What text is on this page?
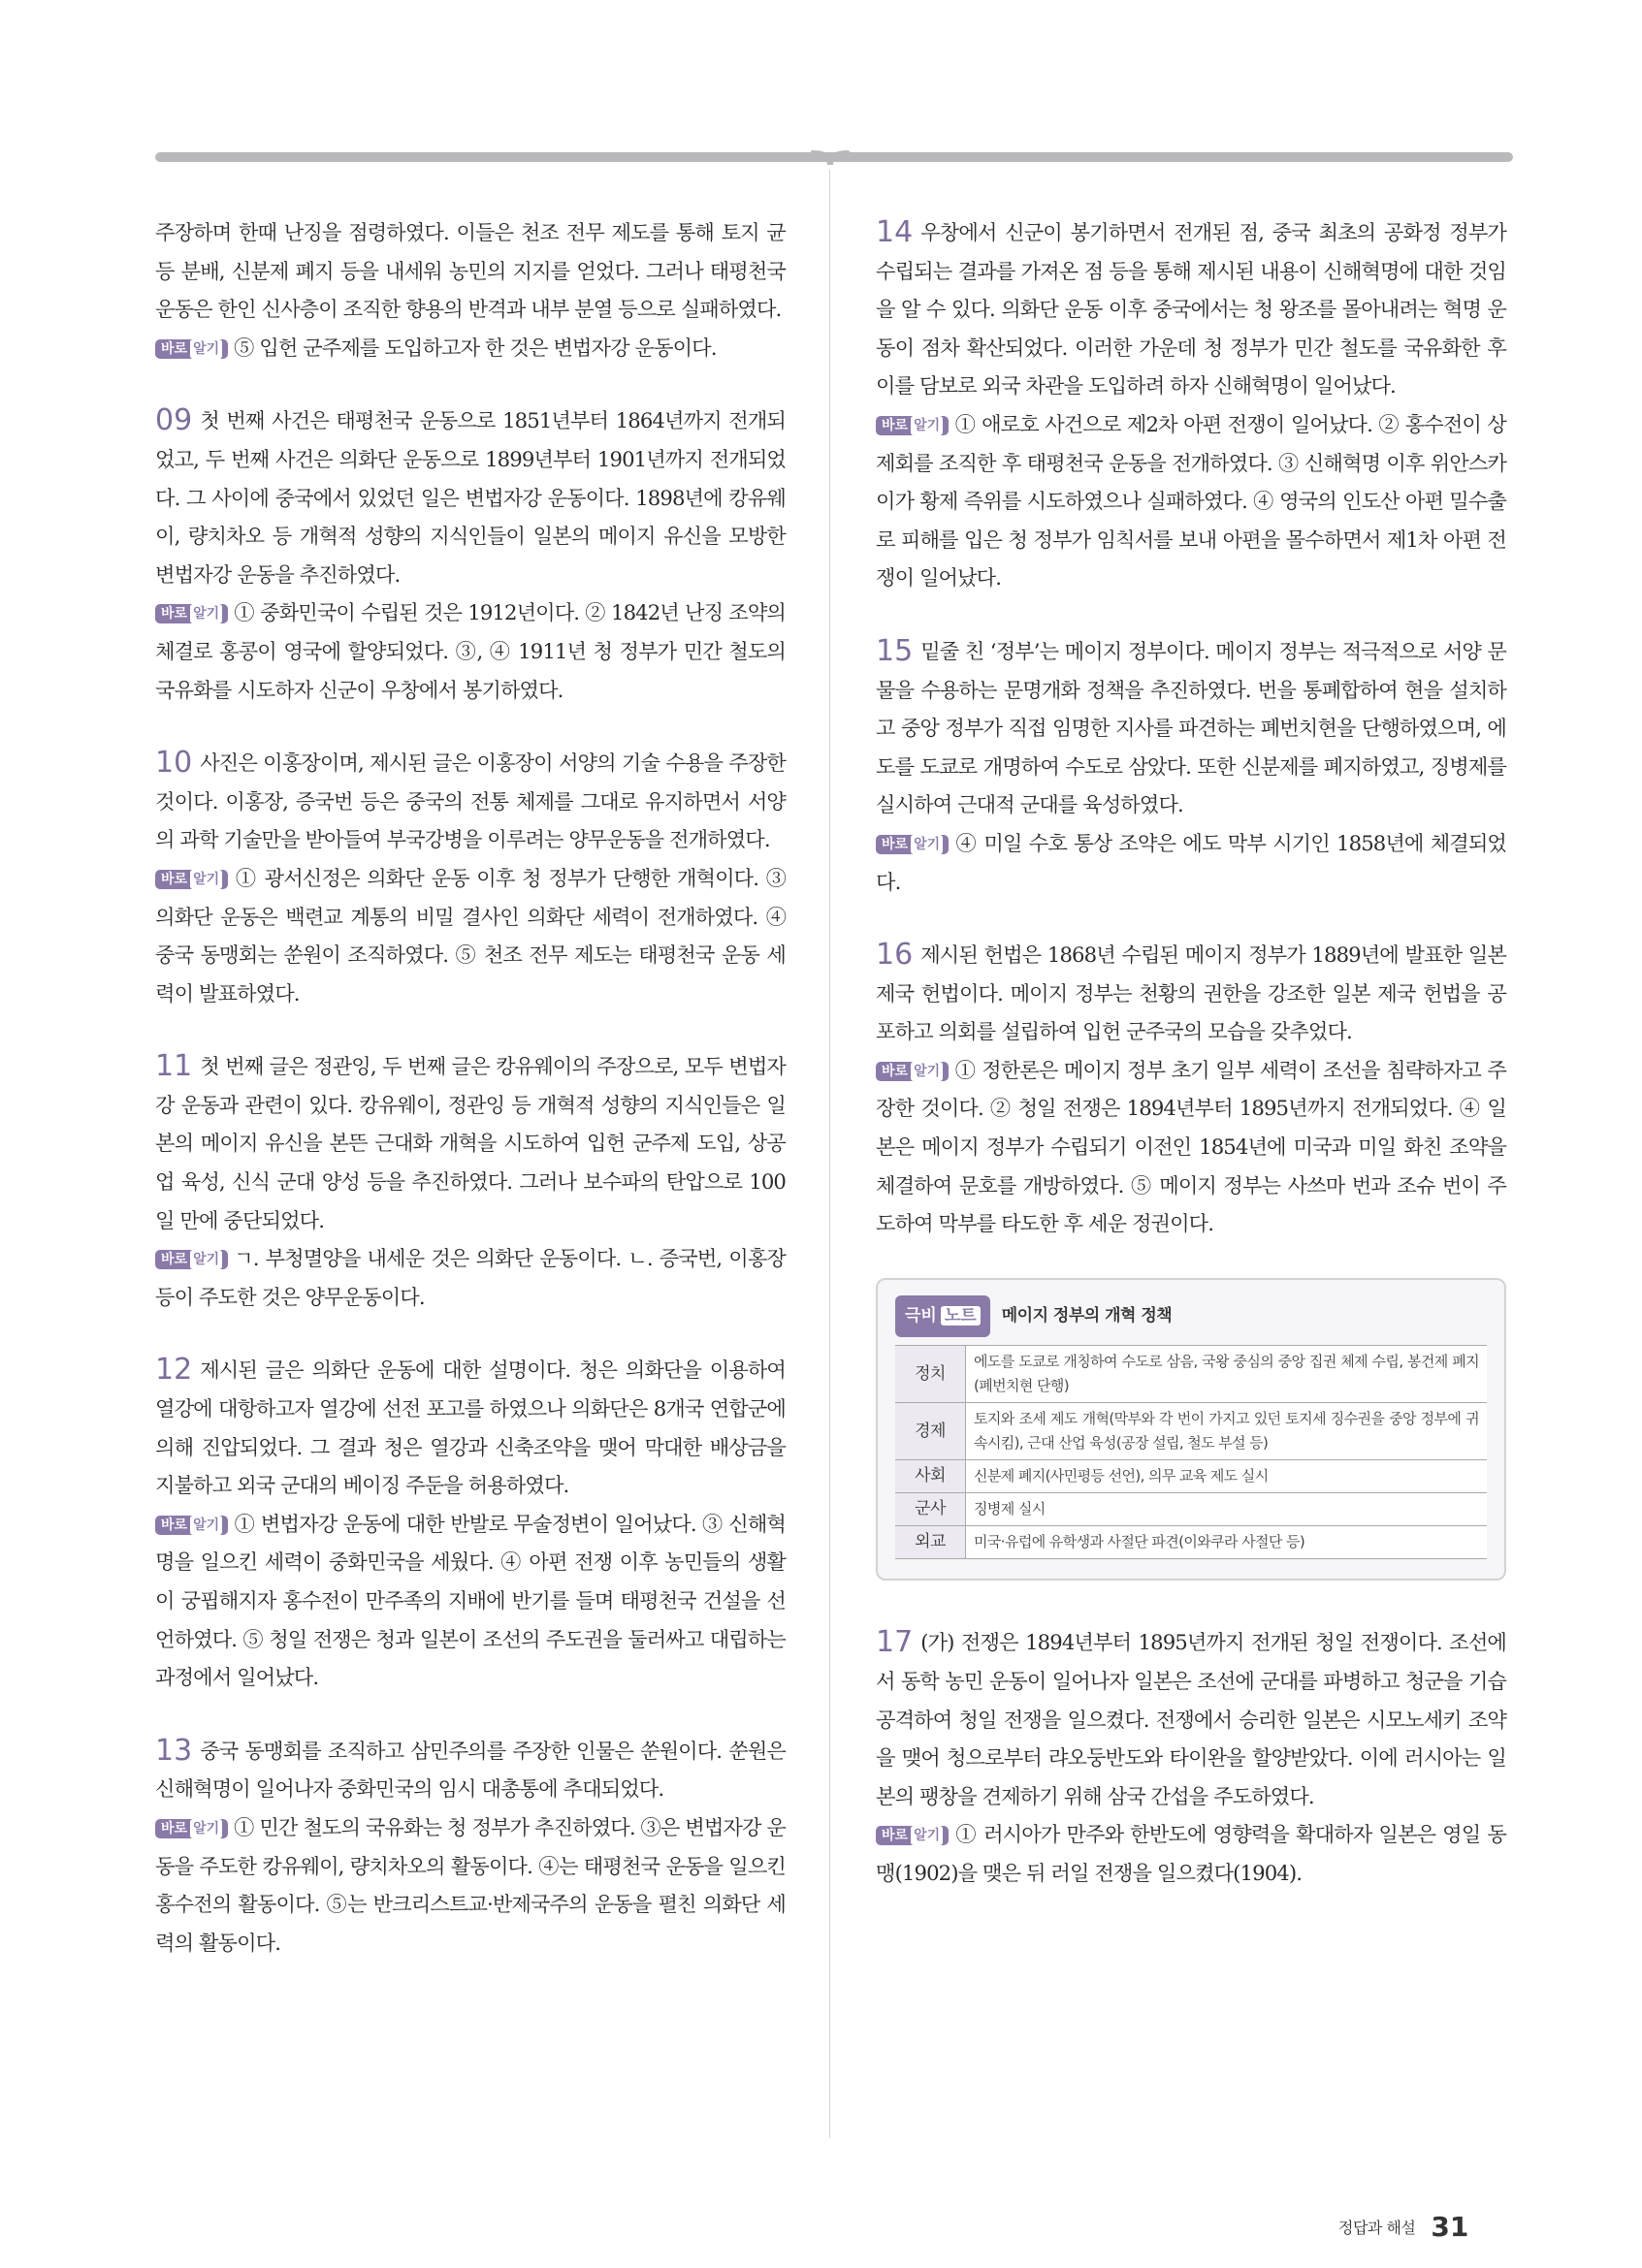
주장하며 한때 난징을 점령하였다. 이들은 천조 전무 제도를 통해 토지 균등 분배, 신분제 폐지 등을 내세워 농민의 지지를 얻었다. 그러나 태평천국 운동은 한인 신사층이 조직한 향용의 반격과 내부 분열 등으로 실패하였다.
바로 알기 ⑤ 입헌 군주제를 도입하고자 한 것은 변법자강 운동이다.
09 첫 번째 사건은 태평천국 운동으로 1851년부터 1864년까지 전개되었고, 두 번째 사건은 의화단 운동으로 1899년부터 1901년까지 전개되었다. 그 사이에 중국에서 있었던 일은 변법자강 운동이다. 1898년에 캉유웨이, 량치차오 등 개혁적 성향의 지식인들이 일본의 메이지 유신을 모방한 변법자강 운동을 추진하였다.
바로 알기 ① 중화민국이 수립된 것은 1912년이다. ② 1842년 난징 조약의 체결로 홍콩이 영국에 할양되었다. ③, ④ 1911년 청 정부가 민간 철도의 국유화를 시도하자 신군이 우창에서 봉기하였다.
10 사진은 이홍장이며, 제시된 글은 이홍장이 서양의 기술 수용을 주장한 것이다. 이홍장, 증국번 등은 중국의 전통 체제를 그대로 유지하면서 서양의 과학 기술만을 받아들여 부국강병을 이루려는 양무운동을 전개하였다.
바로 알기 ① 광서신정은 의화단 운동 이후 청 정부가 단행한 개혁이다. ③ 의화단 운동은 백련교 계통의 비밀 결사인 의화단 세력이 전개하였다. ④ 중국 동맹회는 쑨원이 조직하였다. ⑤ 천조 전무 제도는 태평천국 운동 세력이 발표하였다.
11 첫 번째 글은 정관잉, 두 번째 글은 캉유웨이의 주장으로, 모두 변법자강 운동과 관련이 있다. 캉유웨이, 정관잉 등 개혁적 성향의 지식인들은 일본의 메이지 유신을 본뜬 근대화 개혁을 시도하여 입헌 군주제 도입, 상공업 육성, 신식 군대 양성 등을 추진하였다. 그러나 보수파의 탄압으로 100일 만에 중단되었다.
바로 알기 ㄱ. 부청멸양을 내세운 것은 의화단 운동이다. ㄴ. 증국번, 이홍장 등이 주도한 것은 양무운동이다.
12 제시된 글은 의화단 운동에 대한 설명이다. 청은 의화단을 이용하여 열강에 대항하고자 열강에 선전 포고를 하였으나 의화단은 8개국 연합군에 의해 진압되었다. 그 결과 청은 열강과 신축조약을 맺어 막대한 배상금을 지불하고 외국 군대의 베이징 주둔을 허용하였다.
바로 알기 ① 변법자강 운동에 대한 반발로 무술정변이 일어났다. ③ 신해혁명을 일으킨 세력이 중화민국을 세웠다. ④ 아편 전쟁 이후 농민들의 생활이 궁핍해지자 홍수전이 만주족의 지배에 반기를 들며 태평천국 건설을 선언하였다. ⑤ 청일 전쟁은 청과 일본이 조선의 주도권을 둘러싸고 대립하는 과정에서 일어났다.
13 중국 동맹회를 조직하고 삼민주의를 주장한 인물은 쑨원이다. 쑨원은 신해혁명이 일어나자 중화민국의 임시 대총통에 추대되었다.
바로 알기 ① 민간 철도의 국유화는 청 정부가 추진하였다. ③은 변법자강 운동을 주도한 캉유웨이, 량치차오의 활동이다. ④는 태평천국 운동을 일으킨 홍수전의 활동이다. ⑤는 반크리스트교·반제국주의 운동을 펼친 의화단 세력의 활동이다.
14 우창에서 신군이 봉기하면서 전개된 점, 중국 최초의 공화정 정부가 수립되는 결과를 가져온 점 등을 통해 제시된 내용이 신해혁명에 대한 것임을 알 수 있다. 의화단 운동 이후 중국에서는 청 왕조를 몰아내려는 혁명 운동이 점차 확산되었다. 이러한 가운데 청 정부가 민간 철도를 국유화한 후 이를 담보로 외국 차관을 도입하려 하자 신해혁명이 일어났다.
바로 알기 ① 애로호 사건으로 제2차 아편 전쟁이 일어났다. ② 홍수전이 상제회를 조직한 후 태평천국 운동을 전개하였다. ③ 신해혁명 이후 위안스카이가 황제 즉위를 시도하였으나 실패하였다. ④ 영국의 인도산 아편 밀수출로 피해를 입은 청 정부가 임칙서를 보내 아편을 몰수하면서 제1차 아편 전쟁이 일어났다.
15 밑줄 친 ‘정부’는 메이지 정부이다. 메이지 정부는 적극적으로 서양 문물을 수용하는 문명개화 정책을 추진하였다. 번을 통폐합하여 현을 설치하고 중앙 정부가 직접 임명한 지사를 파견하는 폐번치현을 단행하였으며, 에도를 도쿄로 개명하여 수도로 삼았다. 또한 신분제를 폐지하였고, 징병제를 실시하여 근대적 군대를 육성하였다.
바로 알기 ④ 미일 수호 통상 조약은 에도 막부 시기인 1858년에 체결되었다.
16 제시된 헌법은 1868년 수립된 메이지 정부가 1889년에 발표한 일본 제국 헌법이다. 메이지 정부는 천황의 권한을 강조한 일본 제국 헌법을 공포하고 의회를 설립하여 입헌 군주국의 모습을 갖추었다.
바로 알기 ① 정한론은 메이지 정부 초기 일부 세력이 조선을 침략하자고 주장한 것이다. ② 청일 전쟁은 1894년부터 1895년까지 전개되었다. ④ 일본은 메이지 정부가 수립되기 이전인 1854년에 미국과 미일 화친 조약을 체결하여 문호를 개방하였다. ⑤ 메이지 정부는 사쓰마 번과 조슈 번이 주도하여 막부를 타도한 후 세운 정권이다.
극비 노트	메이지 정부의 개혁 정책
정치	에도를 도쿄로 개칭하여 수도로 삼음, 국왕 중심의 중앙 집권 체제 수립, 봉건제 폐지(폐번치현 단행)
경제	토지와 조세 제도 개혁(막부와 각 번이 가지고 있던 토지세 징수권을 중앙 정부에 귀속시킴), 근대 산업 육성(공장 설립, 철도 부설 등)
사회	신분제 폐지(사민평등 선언), 의무 교육 제도 실시
군사	징병제 실시
외교	미국·유럽에 유학생과 사절단 파견(이와쿠라 사절단 등)
17 (가) 전쟁은 1894년부터 1895년까지 전개된 청일 전쟁이다. 조선에서 동학 농민 운동이 일어나자 일본은 조선에 군대를 파병하고 청군을 기습 공격하여 청일 전쟁을 일으켰다. 전쟁에서 승리한 일본은 시모노세키 조약을 맺어 청으로부터 랴오둥반도와 타이완을 할양받았다. 이에 러시아는 일본의 팽창을 견제하기 위해 삼국 간섭을 주도하였다.
바로 알기 ① 러시아가 만주와 한반도에 영향력을 확대하자 일본은 영일 동맹(1902)을 맺은 뒤 러일 전쟁을 일으켰다(1904).
정답과 해설 31
